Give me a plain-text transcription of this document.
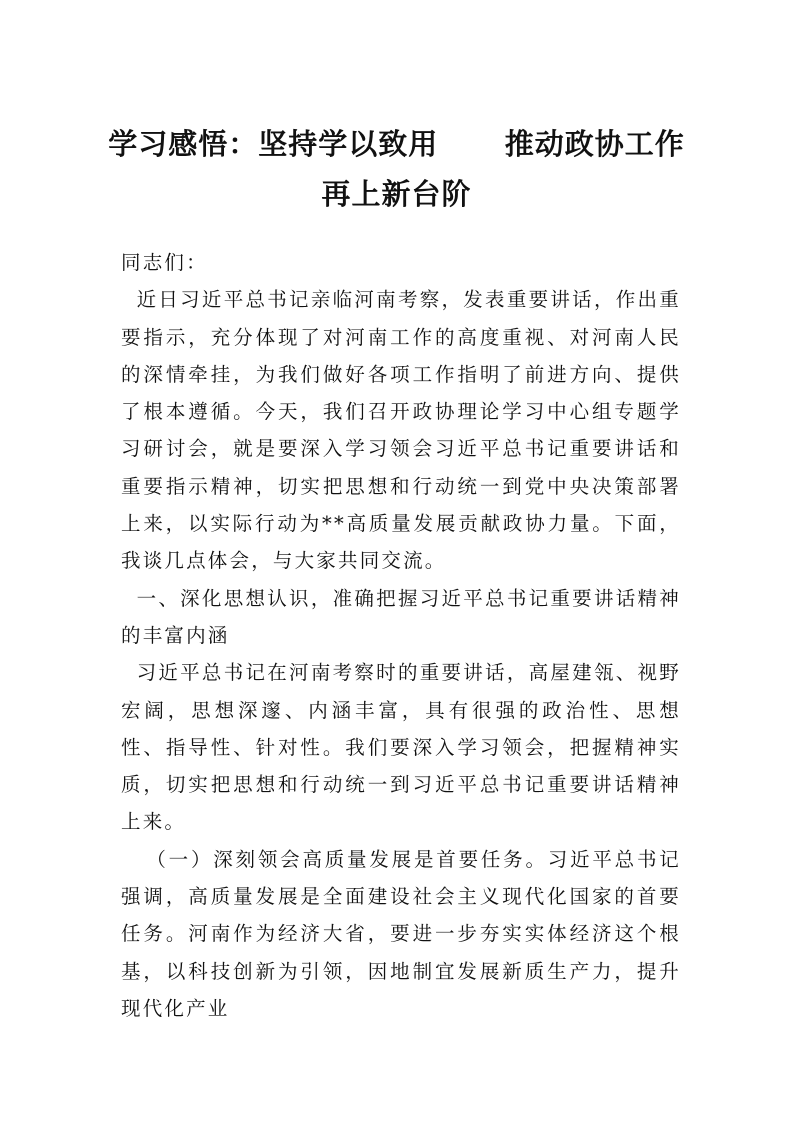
学习感悟：坚持学以致用      推动政协工作
再上新台阶

同志们：

近日习近平总书记亲临河南考察，发表重要讲话，作出重要指示，充分体现了对河南工作的高度重视、对河南人民的深情牵挂，为我们做好各项工作指明了前进方向、提供了根本遵循。今天，我们召开政协理论学习中心组专题学习研讨会，就是要深入学习领会习近平总书记重要讲话和重要指示精神，切实把思想和行动统一到党中央决策部署上来，以实际行动为**高质量发展贡献政协力量。下面，我谈几点体会，与大家共同交流。

一、深化思想认识，准确把握习近平总书记重要讲话精神的丰富内涵

习近平总书记在河南考察时的重要讲话，高屋建瓴、视野宏阔，思想深邃、内涵丰富，具有很强的政治性、思想性、指导性、针对性。我们要深入学习领会，把握精神实质，切实把思想和行动统一到习近平总书记重要讲话精神上来。

（一）深刻领会高质量发展是首要任务。习近平总书记强调，高质量发展是全面建设社会主义现代化国家的首要任务。河南作为经济大省，要进一步夯实实体经济这个根基，以科技创新为引领，因地制宜发展新质生产力，提升现代化产业
